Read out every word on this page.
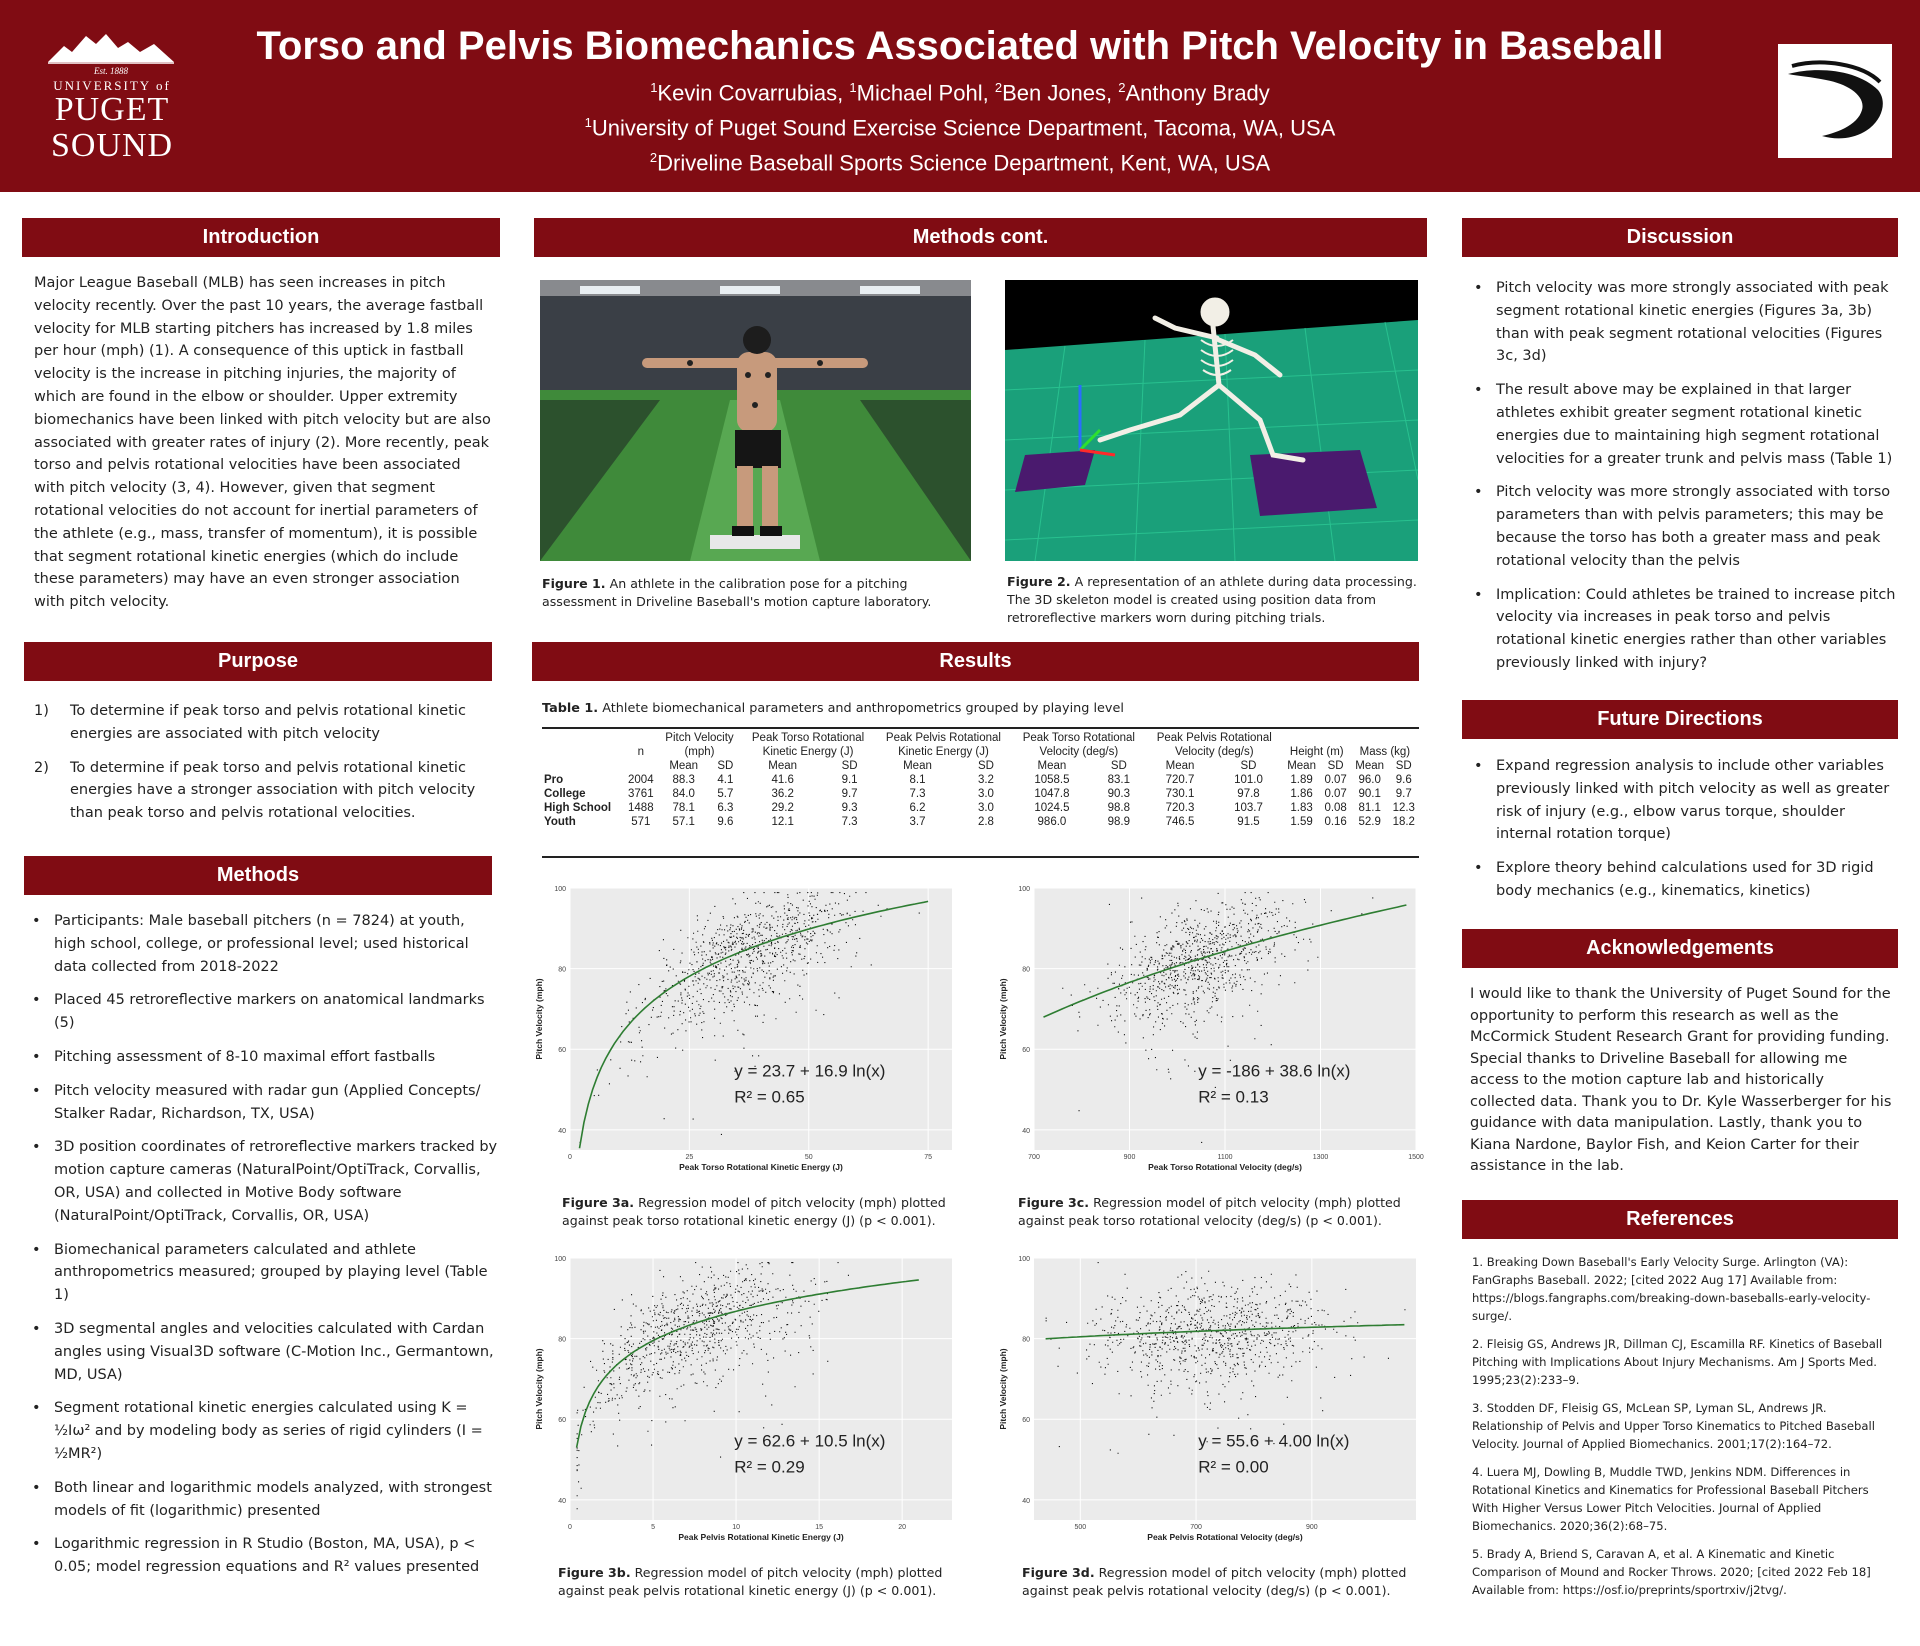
Est. 1888
UNIVERSITY of
PUGET
SOUND
Torso and Pelvis Biomechanics Associated with Pitch Velocity in Baseball
$^1$Kevin Covarrubias, $^1$Michael Pohl, $^2$Ben Jones, $^2$Anthony Brady
$^1$University of Puget Sound Exercise Science Department, Tacoma, WA, USA
$^2$Driveline Baseball Sports Science Department, Kent, WA, USA
Introduction
Major League Baseball (MLB) has seen increases in pitch velocity recently. Over the past 10 years, the average fastball velocity for MLB starting pitchers has increased by 1.8 miles per hour (mph) (1). A consequence of this uptick in fastball velocity is the increase in pitching injuries, the majority of which are found in the elbow or shoulder. Upper extremity biomechanics have been linked with pitch velocity but are also associated with greater rates of injury (2). More recently, peak torso and pelvis rotational velocities have been associated with pitch velocity (3, 4). However, given that segment rotational velocities do not account for inertial parameters of the athlete (e.g., mass, transfer of momentum), it is possible that segment rotational kinetic energies (which do include these parameters) may have an even stronger association with pitch velocity.
Purpose
1) To determine if peak torso and pelvis rotational kinetic energies are associated with pitch velocity
2) To determine if peak torso and pelvis rotational kinetic energies have a stronger association with pitch velocity than peak torso and pelvis rotational velocities.
Methods
• Participants: Male baseball pitchers (n = 7824) at youth, high school, college, or professional level; used historical data collected from 2018-2022
• Placed 45 retroreflective markers on anatomical landmarks (5)
• Pitching assessment of 8-10 maximal effort fastballs
• Pitch velocity measured with radar gun (Applied Concepts/ Stalker Radar, Richardson, TX, USA)
• 3D position coordinates of retroreflective markers tracked by motion capture cameras (NaturalPoint/OptiTrack, Corvallis, OR, USA) and collected in Motive Body software (NaturalPoint/OptiTrack, Corvallis, OR, USA)
• Biomechanical parameters calculated and athlete anthropometrics measured; grouped by playing level (Table 1)
• 3D segmental angles and velocities calculated with Cardan angles using Visual3D software (C-Motion Inc., Germantown, MD, USA)
• Segment rotational kinetic energies calculated using K = ½Iω² and by modeling body as series of rigid cylinders (I = ½MR²)
• Both linear and logarithmic models analyzed, with strongest models of fit (logarithmic) presented
• Logarithmic regression in R Studio (Boston, MA, USA), p < 0.05; model regression equations and R² values presented
Methods cont.
Figure 1. An athlete in the calibration pose for a pitching assessment in Driveline Baseball's motion capture laboratory.
Figure 2. A representation of an athlete during data processing. The 3D skeleton model is created using position data from retroreflective markers worn during pitching trials.
Results
Table 1. Athlete biomechanical parameters and anthropometrics grouped by playing level
		Pitch Velocity		Peak Torso Rotational		Peak Pelvis Rotational		Peak Torso Rotational		Peak Pelvis Rotational					
	n	(mph)		Kinetic Energy (J)		Kinetic Energy (J)		Velocity (deg/s)		Velocity (deg/s)		Height (m)		Mass (kg)	
		Mean	SD	Mean	SD	Mean	SD	Mean	SD	Mean	SD	Mean	SD	Mean	SD
Pro	2004	88.3	4.1	41.6	9.1	8.1	3.2	1058.5	83.1	720.7	101.0	1.89	0.07	96.0	9.6
College	3761	84.0	5.7	36.2	9.7	7.3	3.0	1047.8	90.3	730.1	97.8	1.86	0.07	90.1	9.7
High School	1488	78.1	6.3	29.2	9.3	6.2	3.0	1024.5	98.8	720.3	103.7	1.83	0.08	81.1	12.3
Youth	571	57.1	9.6	12.1	7.3	3.7	2.8	986.0	98.9	746.5	91.5	1.59	0.16	52.9	18.2
0	25	50	75
40
60
80
100
y = 23.7 + 16.9 ln(x)
R² = 0.65
Peak Torso Rotational Kinetic Energy (J)
Pitch Velocity (mph)
Figure 3a. Regression model of pitch velocity (mph) plotted against peak torso rotational kinetic energy (J) (p < 0.001).
700	900	1100	1300	1500
40
60
80
100
y = -186 + 38.6 ln(x)
R² = 0.13
Peak Torso Rotational Velocity (deg/s)
Pitch Velocity (mph)
Figure 3c. Regression model of pitch velocity (mph) plotted against peak torso rotational velocity (deg/s) (p < 0.001).
0	5	10	15	20
40
60
80
100
y = 62.6 + 10.5 ln(x)
R² = 0.29
Peak Pelvis Rotational Kinetic Energy (J)
Pitch Velocity (mph)
Figure 3b. Regression model of pitch velocity (mph) plotted against peak pelvis rotational kinetic energy (J) (p < 0.001).
500	700	900
40
60
80
100
y = 55.6 + 4.00 ln(x)
R² = 0.00
Peak Pelvis Rotational Velocity (deg/s)
Pitch Velocity (mph)
Figure 3d. Regression model of pitch velocity (mph) plotted against peak pelvis rotational velocity (deg/s) (p < 0.001).
Discussion
• Pitch velocity was more strongly associated with peak segment rotational kinetic energies (Figures 3a, 3b) than with peak segment rotational velocities (Figures 3c, 3d)
• The result above may be explained in that larger athletes exhibit greater segment rotational kinetic energies due to maintaining high segment rotational velocities for a greater trunk and pelvis mass (Table 1)
• Pitch velocity was more strongly associated with torso parameters than with pelvis parameters; this may be because the torso has both a greater mass and peak rotational velocity than the pelvis
• Implication: Could athletes be trained to increase pitch velocity via increases in peak torso and pelvis rotational kinetic energies rather than other variables previously linked with injury?
Future Directions
• Expand regression analysis to include other variables previously linked with pitch velocity as well as greater risk of injury (e.g., elbow varus torque, shoulder internal rotation torque)
• Explore theory behind calculations used for 3D rigid body mechanics (e.g., kinematics, kinetics)
Acknowledgements
I would like to thank the University of Puget Sound for the opportunity to perform this research as well as the McCormick Student Research Grant for providing funding. Special thanks to Driveline Baseball for allowing me access to the motion capture lab and historically collected data. Thank you to Dr. Kyle Wasserberger for his guidance with data manipulation. Lastly, thank you to Kiana Nardone, Baylor Fish, and Keion Carter for their assistance in the lab.
References

1. Breaking Down Baseball's Early Velocity Surge. Arlington (VA): FanGraphs Baseball. 2022; [cited 2022 Aug 17] Available from: https://blogs.fangraphs.com/breaking-down-baseballs-early-velocity-surge/.

2. Fleisig GS, Andrews JR, Dillman CJ, Escamilla RF. Kinetics of Baseball Pitching with Implications About Injury Mechanisms. Am J Sports Med. 1995;23(2):233–9.

3. Stodden DF, Fleisig GS, McLean SP, Lyman SL, Andrews JR. Relationship of Pelvis and Upper Torso Kinematics to Pitched Baseball Velocity. Journal of Applied Biomechanics. 2001;17(2):164–72.

4. Luera MJ, Dowling B, Muddle TWD, Jenkins NDM. Differences in Rotational Kinetics and Kinematics for Professional Baseball Pitchers With Higher Versus Lower Pitch Velocities. Journal of Applied Biomechanics. 2020;36(2):68–75.

5. Brady A, Briend S, Caravan A, et al. A Kinematic and Kinetic Comparison of Mound and Rocker Throws. 2020; [cited 2022 Feb 18] Available from: https://osf.io/preprints/sportrxiv/j2tvg/.
